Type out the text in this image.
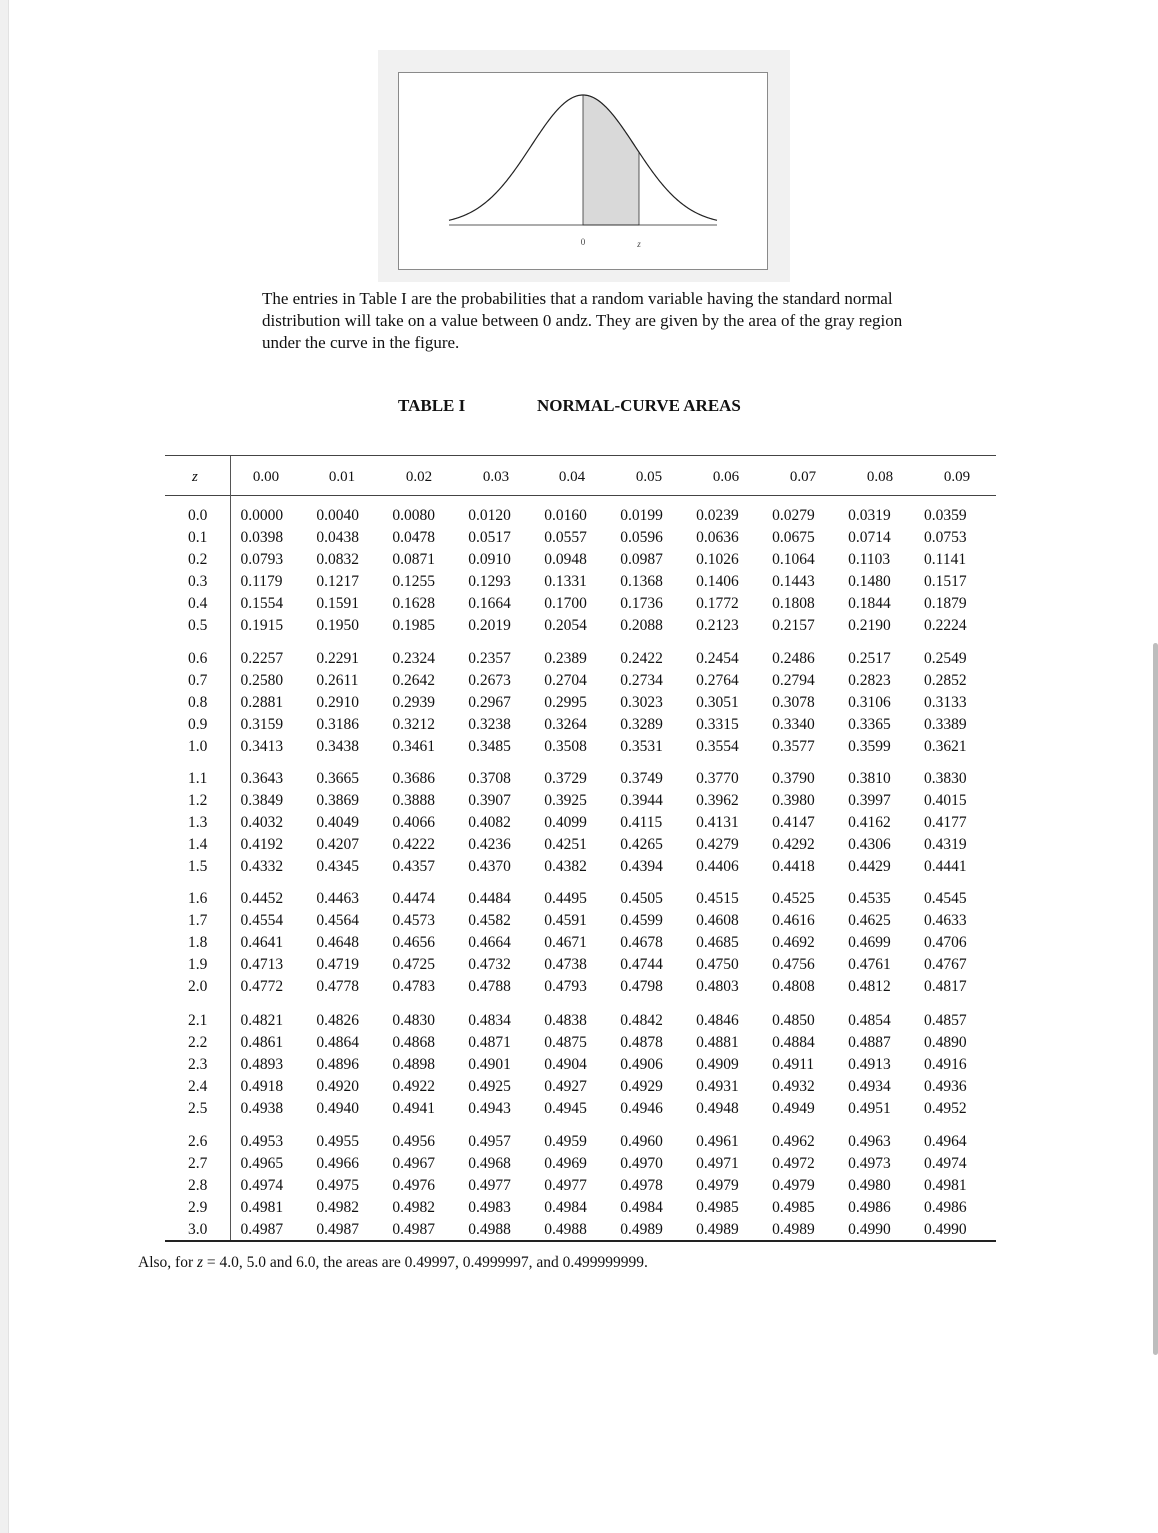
0	z
The entries in Table I are the probabilities that a random variable having the standard normal distribution will take on a value between 0 andz. They are given by the area of the gray region under the curve in the figure.
TABLE I	NORMAL-CURVE AREAS
z	0.00	0.01	0.02	0.03	0.04	0.05	0.06	0.07	0.08	0.09
0.0	0.0000	0.0040	0.0080	0.0120	0.0160	0.0199	0.0239	0.0279	0.0319	0.0359
0.1	0.0398	0.0438	0.0478	0.0517	0.0557	0.0596	0.0636	0.0675	0.0714	0.0753
0.2	0.0793	0.0832	0.0871	0.0910	0.0948	0.0987	0.1026	0.1064	0.1103	0.1141
0.3	0.1179	0.1217	0.1255	0.1293	0.1331	0.1368	0.1406	0.1443	0.1480	0.1517
0.4	0.1554	0.1591	0.1628	0.1664	0.1700	0.1736	0.1772	0.1808	0.1844	0.1879
0.5	0.1915	0.1950	0.1985	0.2019	0.2054	0.2088	0.2123	0.2157	0.2190	0.2224
0.6	0.2257	0.2291	0.2324	0.2357	0.2389	0.2422	0.2454	0.2486	0.2517	0.2549
0.7	0.2580	0.2611	0.2642	0.2673	0.2704	0.2734	0.2764	0.2794	0.2823	0.2852
0.8	0.2881	0.2910	0.2939	0.2967	0.2995	0.3023	0.3051	0.3078	0.3106	0.3133
0.9	0.3159	0.3186	0.3212	0.3238	0.3264	0.3289	0.3315	0.3340	0.3365	0.3389
1.0	0.3413	0.3438	0.3461	0.3485	0.3508	0.3531	0.3554	0.3577	0.3599	0.3621
1.1	0.3643	0.3665	0.3686	0.3708	0.3729	0.3749	0.3770	0.3790	0.3810	0.3830
1.2	0.3849	0.3869	0.3888	0.3907	0.3925	0.3944	0.3962	0.3980	0.3997	0.4015
1.3	0.4032	0.4049	0.4066	0.4082	0.4099	0.4115	0.4131	0.4147	0.4162	0.4177
1.4	0.4192	0.4207	0.4222	0.4236	0.4251	0.4265	0.4279	0.4292	0.4306	0.4319
1.5	0.4332	0.4345	0.4357	0.4370	0.4382	0.4394	0.4406	0.4418	0.4429	0.4441
1.6	0.4452	0.4463	0.4474	0.4484	0.4495	0.4505	0.4515	0.4525	0.4535	0.4545
1.7	0.4554	0.4564	0.4573	0.4582	0.4591	0.4599	0.4608	0.4616	0.4625	0.4633
1.8	0.4641	0.4648	0.4656	0.4664	0.4671	0.4678	0.4685	0.4692	0.4699	0.4706
1.9	0.4713	0.4719	0.4725	0.4732	0.4738	0.4744	0.4750	0.4756	0.4761	0.4767
2.0	0.4772	0.4778	0.4783	0.4788	0.4793	0.4798	0.4803	0.4808	0.4812	0.4817
2.1	0.4821	0.4826	0.4830	0.4834	0.4838	0.4842	0.4846	0.4850	0.4854	0.4857
2.2	0.4861	0.4864	0.4868	0.4871	0.4875	0.4878	0.4881	0.4884	0.4887	0.4890
2.3	0.4893	0.4896	0.4898	0.4901	0.4904	0.4906	0.4909	0.4911	0.4913	0.4916
2.4	0.4918	0.4920	0.4922	0.4925	0.4927	0.4929	0.4931	0.4932	0.4934	0.4936
2.5	0.4938	0.4940	0.4941	0.4943	0.4945	0.4946	0.4948	0.4949	0.4951	0.4952
2.6	0.4953	0.4955	0.4956	0.4957	0.4959	0.4960	0.4961	0.4962	0.4963	0.4964
2.7	0.4965	0.4966	0.4967	0.4968	0.4969	0.4970	0.4971	0.4972	0.4973	0.4974
2.8	0.4974	0.4975	0.4976	0.4977	0.4977	0.4978	0.4979	0.4979	0.4980	0.4981
2.9	0.4981	0.4982	0.4982	0.4983	0.4984	0.4984	0.4985	0.4985	0.4986	0.4986
3.0	0.4987	0.4987	0.4987	0.4988	0.4988	0.4989	0.4989	0.4989	0.4990	0.4990
Also, for z = 4.0, 5.0 and 6.0, the areas are 0.49997, 0.4999997, and 0.499999999.
